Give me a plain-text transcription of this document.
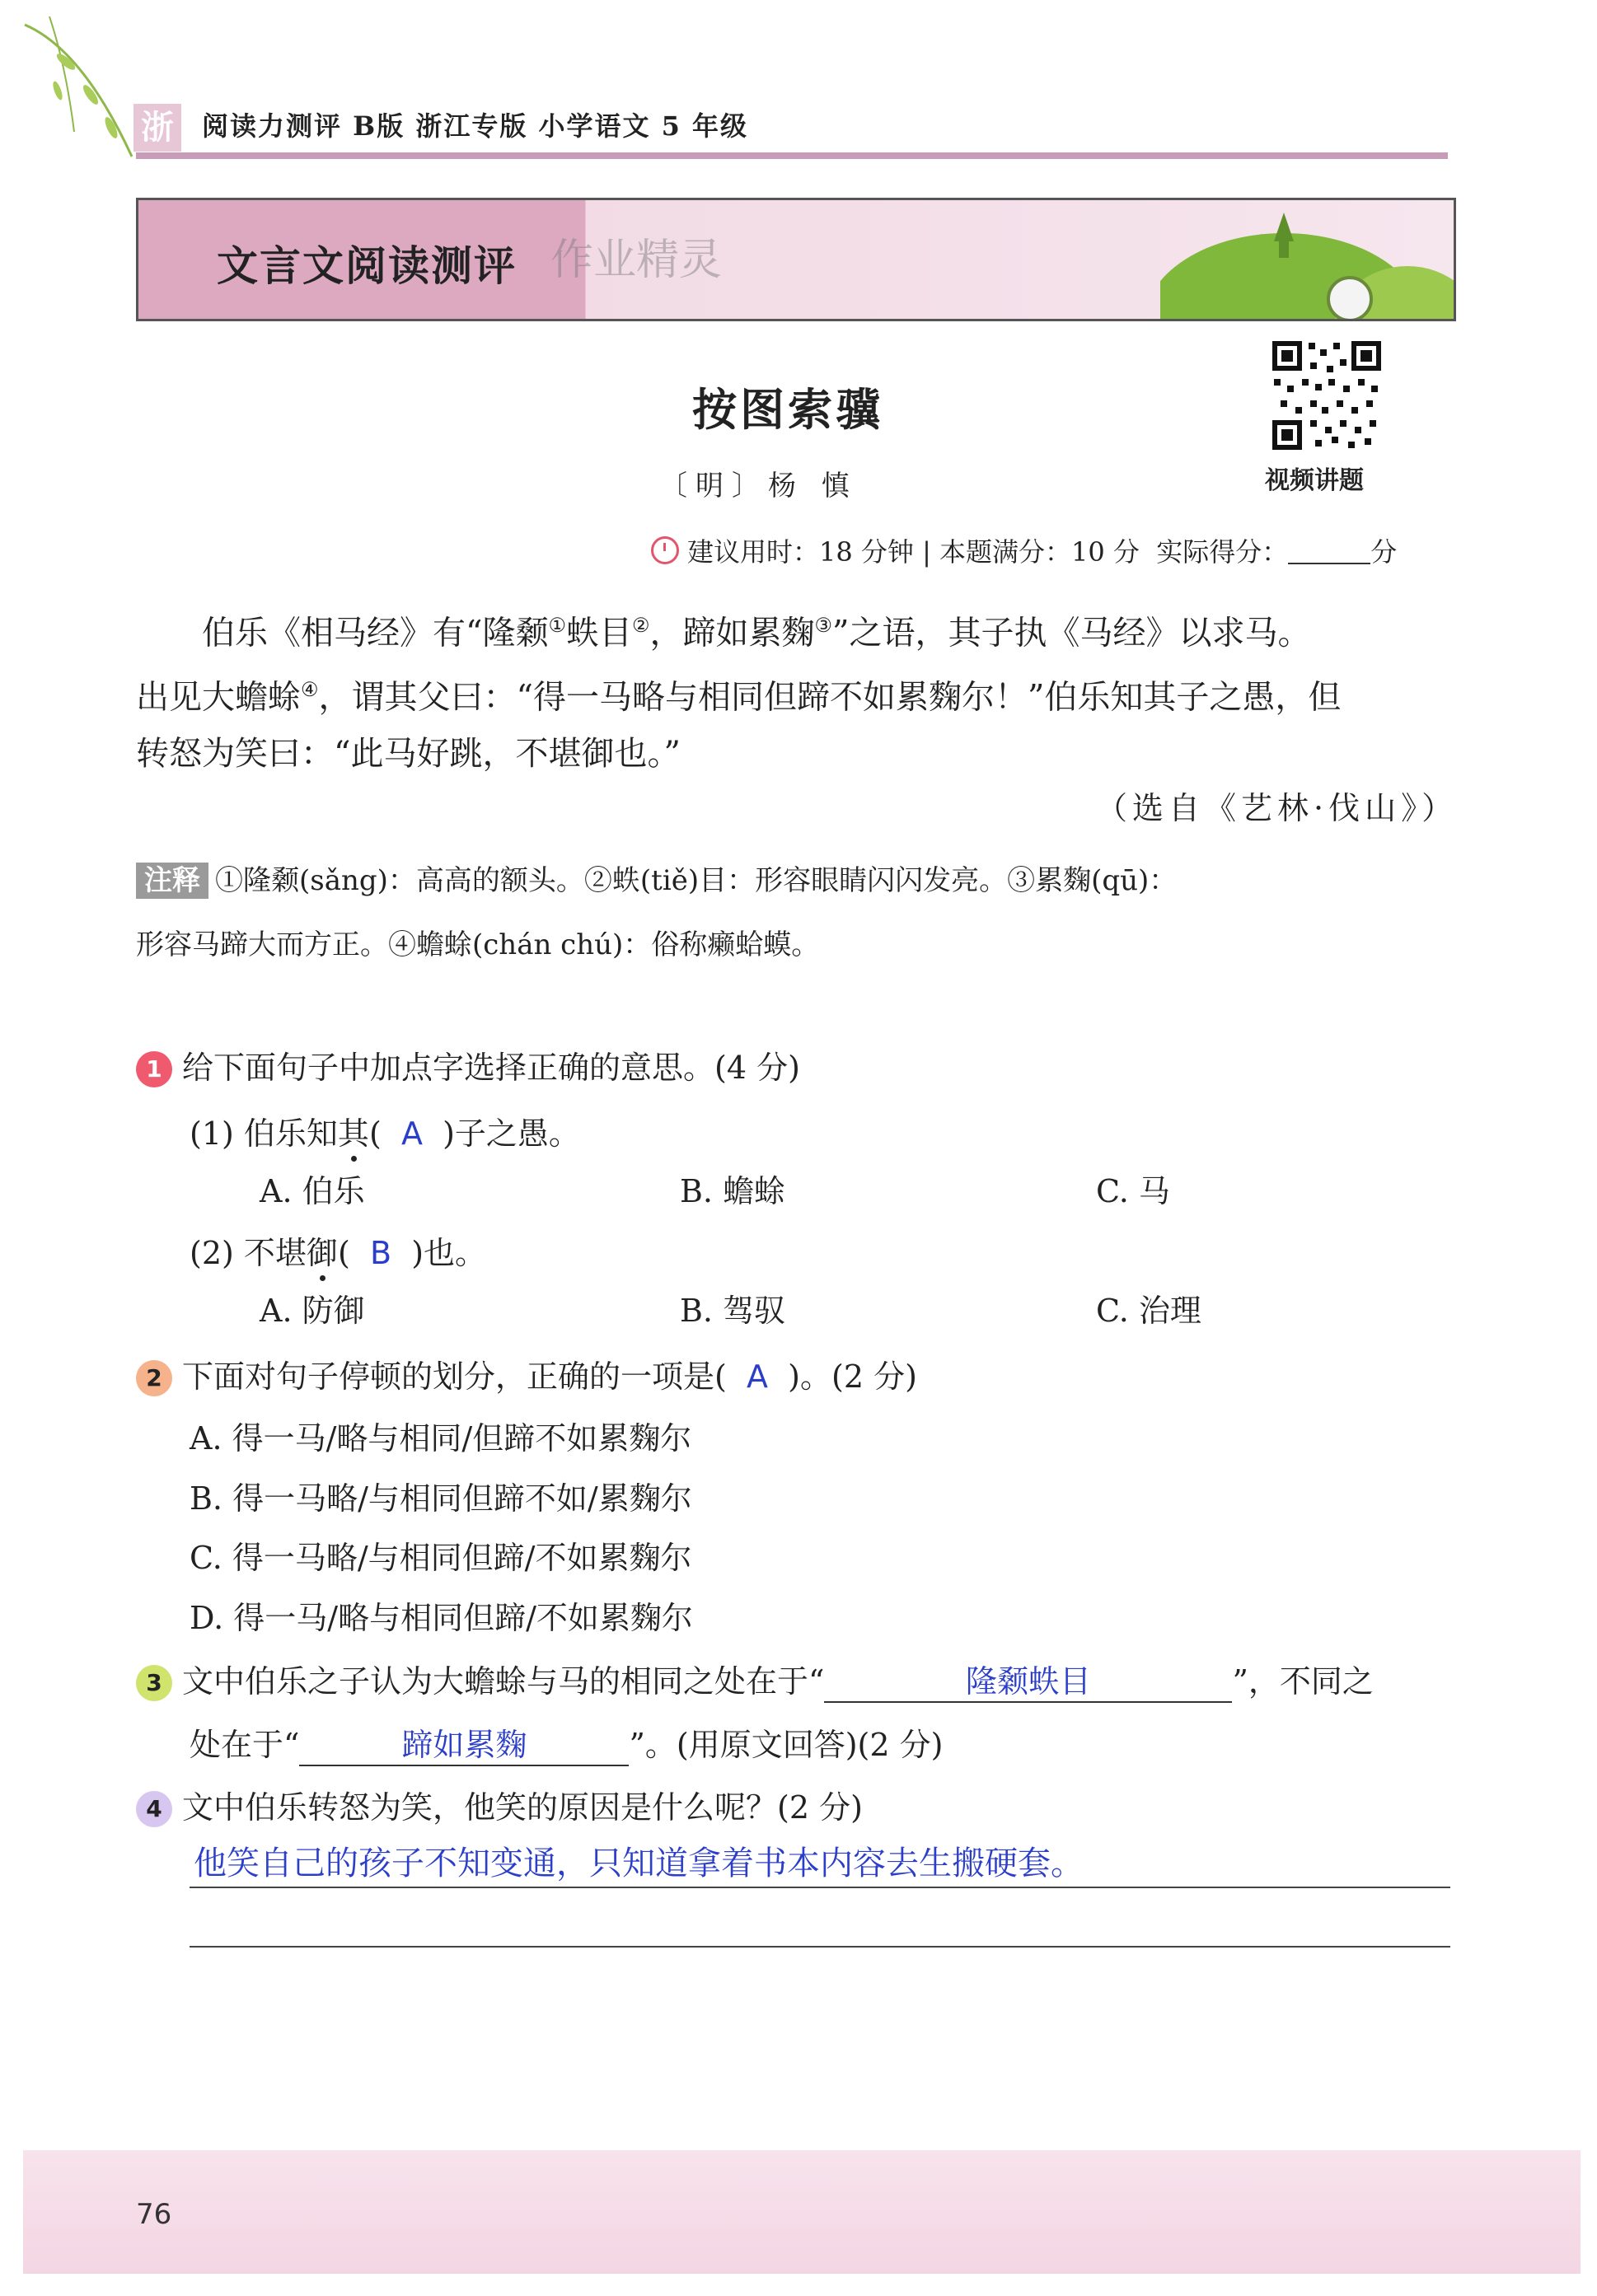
浙 阅读力测评 B版 浙江专版 小学语文 5 年级
文言文阅读测评 作业精灵
按图索骥
〔明〕杨 慎	视频讲题
建议用时：18 分钟 | 本题满分：10 分 实际得分：	分
伯乐《相马经》有“隆颡①蛈目②，蹄如累麴③”之语，其子执《马经》以求马。
出见大蟾蜍④，谓其父曰：“得一马略与相同但蹄不如累麴尔！”伯乐知其子之愚，但
转怒为笑曰：“此马好跳，不堪御也。”
（选自《艺林·伐山》）
注释 ①隆颡(sǎng)：高高的额头。②蛈(tiě)目：形容眼睛闪闪发亮。③累麴(qū)：
形容马蹄大而方正。④蟾蜍(chán chú)：俗称癞蛤蟆。
1 给下面句子中加点字选择正确的意思。(4 分)
(1) 伯乐知其( A )子之愚。
A. 伯乐	B. 蟾蜍	C. 马
(2) 不堪御( B )也。
A. 防御	B. 驾驭	C. 治理
2 下面对句子停顿的划分，正确的一项是( A )。(2 分)
A. 得一马/略与相同/但蹄不如累麴尔
B. 得一马略/与相同但蹄不如/累麴尔
C. 得一马略/与相同但蹄/不如累麴尔
D. 得一马/略与相同但蹄/不如累麴尔
3 文中伯乐之子认为大蟾蜍与马的相同之处在于“	隆颡蛈目	”，不同之
处在于“	蹄如累麴	”。(用原文回答)(2 分)
4 文中伯乐转怒为笑，他笑的原因是什么呢？(2 分)
他笑自己的孩子不知变通，只知道拿着书本内容去生搬硬套。
76
